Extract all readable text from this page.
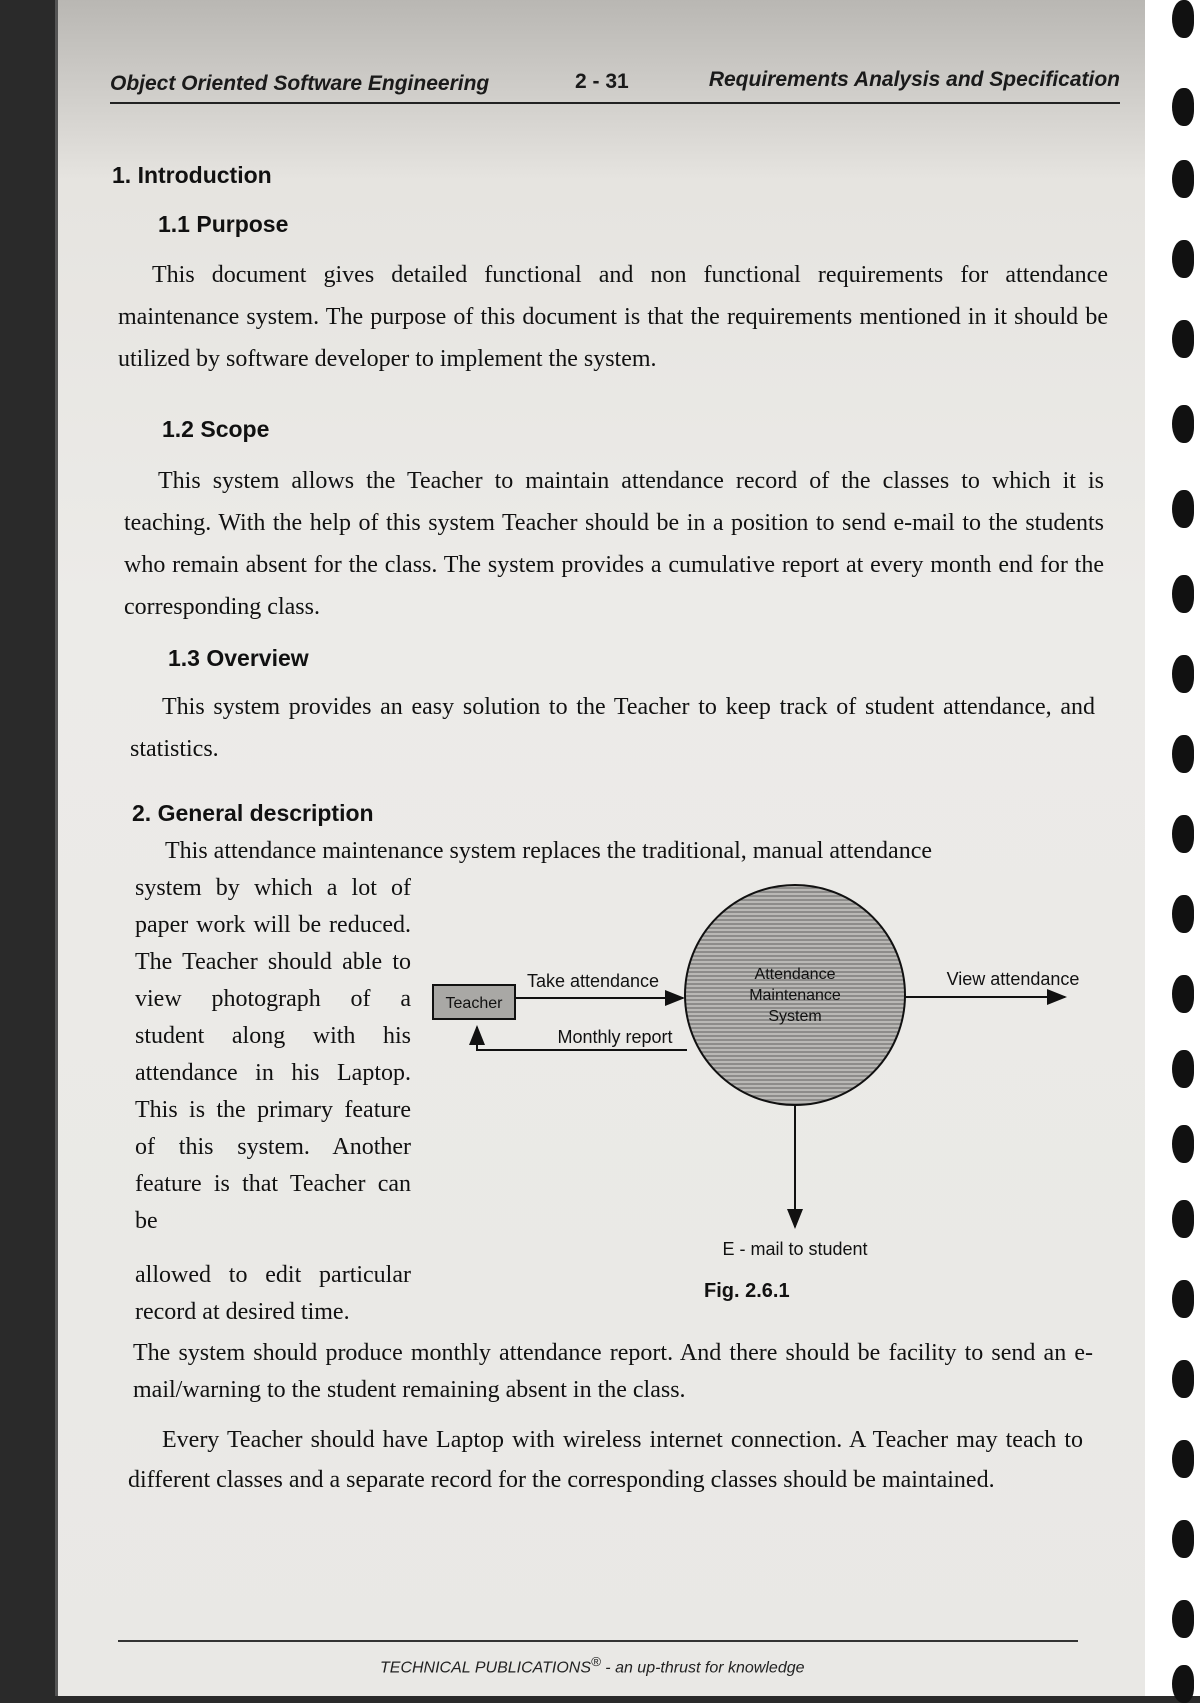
Object Oriented Software Engineering	2 - 31	Requirements Analysis and Specification
1. Introduction
1.1 Purpose
This document gives detailed functional and non functional requirements for attendance maintenance system. The purpose of this document is that the requirements mentioned in it should be utilized by software developer to implement the system.
1.2 Scope
This system allows the Teacher to maintain attendance record of the classes to which it is teaching. With the help of this system Teacher should be in a position to send e-mail to the students who remain absent for the class. The system provides a cumulative report at every month end for the corresponding class.
1.3 Overview
This system provides an easy solution to the Teacher to keep track of student attendance, and statistics.
2. General description
This attendance maintenance system replaces the traditional, manual attendance
system by which a lot of paper work will be reduced. The Teacher should able to view photograph of a student along with his attendance in his Laptop. This is the primary feature of this system. Another feature is that Teacher can be
allowed to edit particular record at desired time.
The system should produce monthly attendance report. And there should be facility to send an e-mail/warning to the student remaining absent in the class.
Every Teacher should have Laptop with wireless internet connection. A Teacher may teach to different classes and a separate record for the corresponding classes should be maintained.
Attendance
Maintenance
System
Teacher
Take attendance
Monthly report
View attendance
E - mail to student
Fig. 2.6.1
TECHNICAL PUBLICATIONS® - an up-thrust for knowledge
